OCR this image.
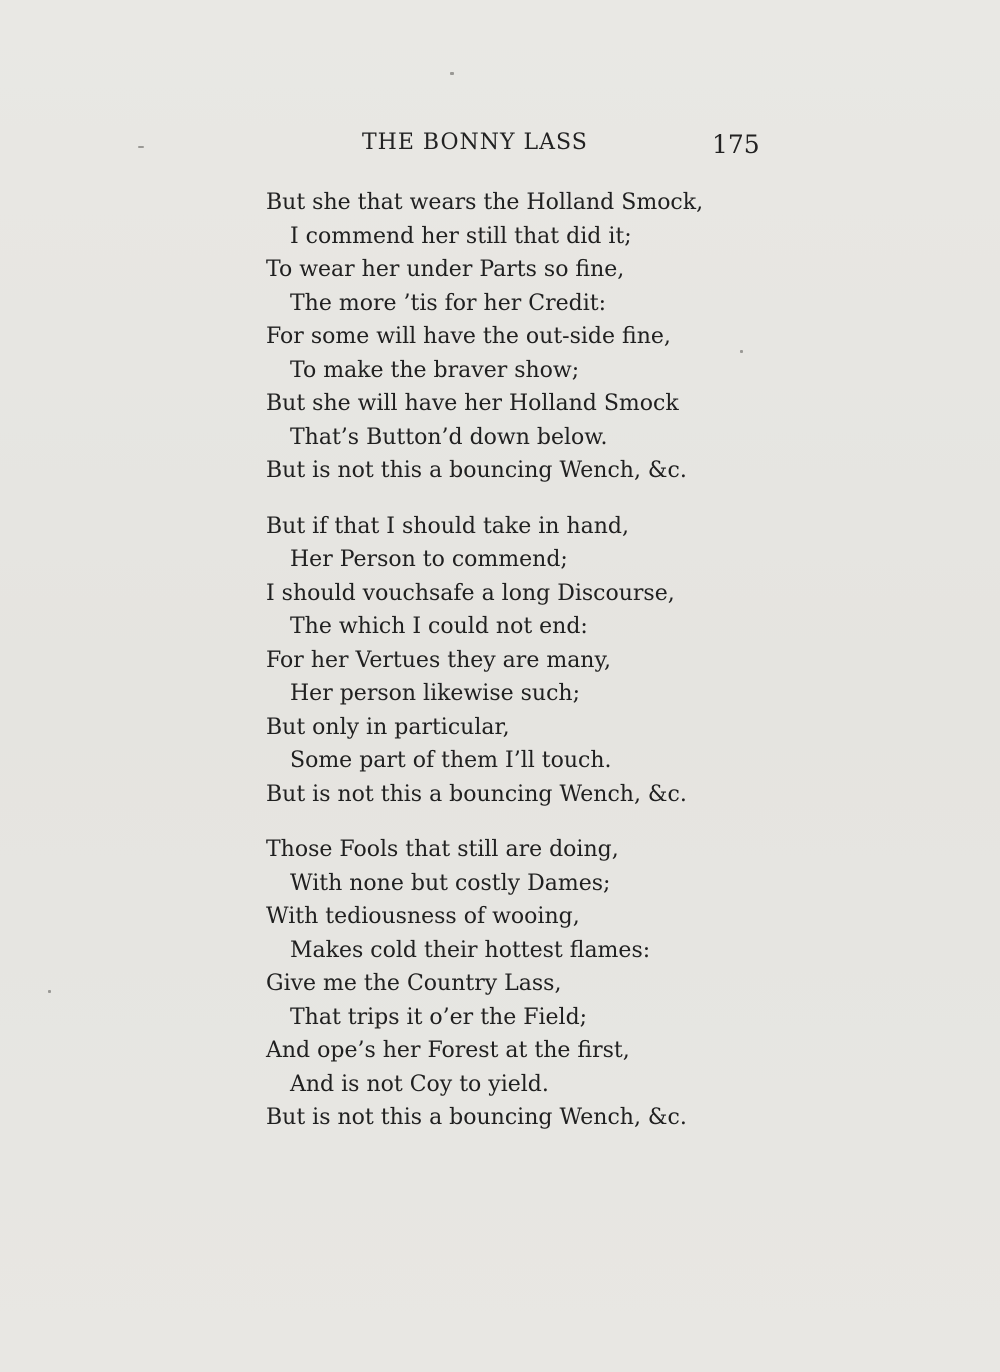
THE BONNY LASS	175
But she that wears the Holland Smock,
I commend her still that did it;
To wear her under Parts so fine,
The more ’tis for her Credit:
For some will have the out-side fine,
To make the braver show;
But she will have her Holland Smock
That’s Button’d down below.
But is not this a bouncing Wench, &c.
But if that I should take in hand,
Her Person to commend;
I should vouchsafe a long Discourse,
The which I could not end:
For her Vertues they are many,
Her person likewise such;
But only in particular,
Some part of them I’ll touch.
But is not this a bouncing Wench, &c.
Those Fools that still are doing,
With none but costly Dames;
With tediousness of wooing,
Makes cold their hottest flames:
Give me the Country Lass,
That trips it o’er the Field;
And ope’s her Forest at the first,
And is not Coy to yield.
But is not this a bouncing Wench, &c.
